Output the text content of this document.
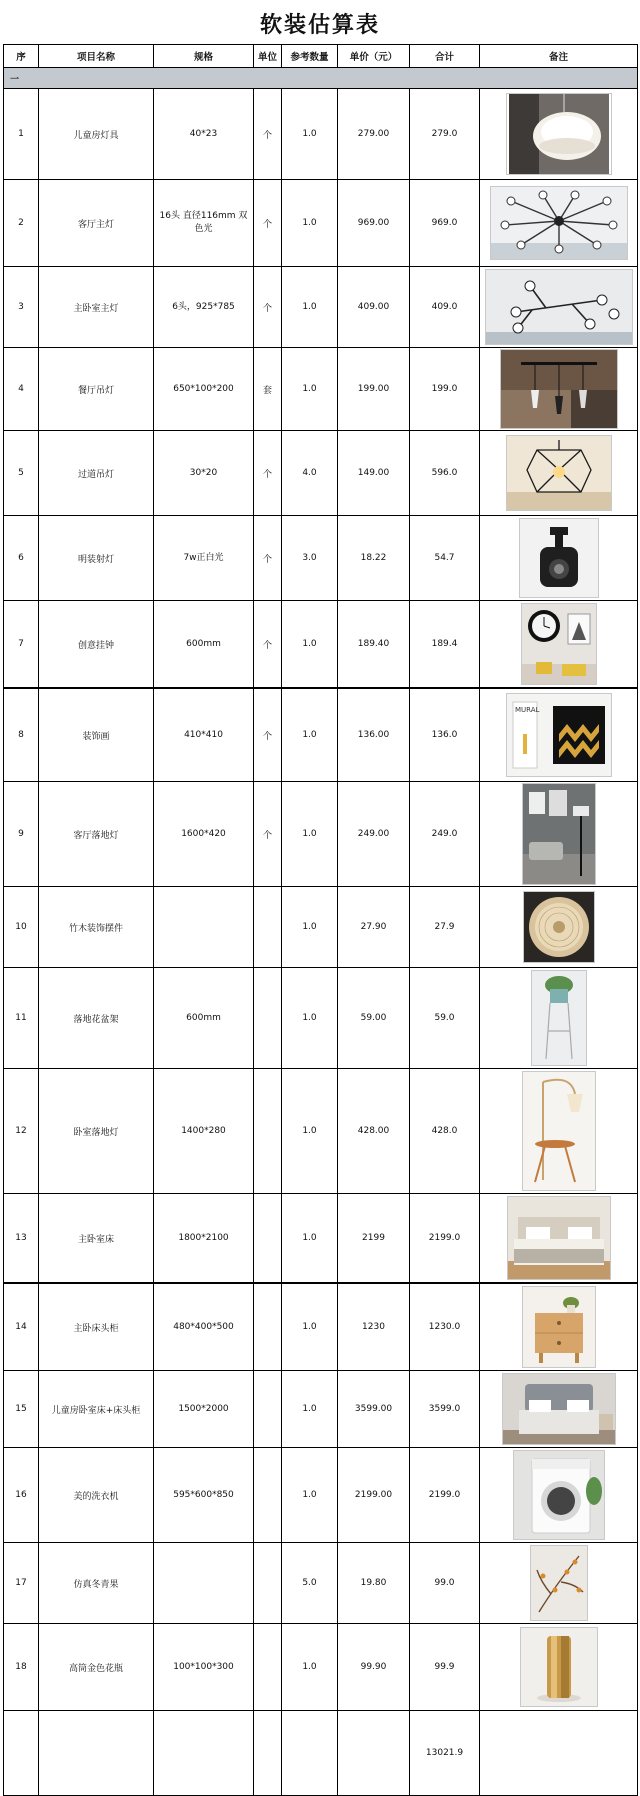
软装估算表
序	项目名称	规格	单位	参考数量	单价（元）	合计	备注
一							
1	儿童房灯具	40*23	个	1.0	279.00	279.0	

2	客厅主灯	16头 直径116mm 双色光	个	1.0	969.00	969.0	

3	主卧室主灯	6头，925*785	个	1.0	409.00	409.0	

4	餐厅吊灯	650*100*200	套	1.0	199.00	199.0	

5	过道吊灯	30*20	个	4.0	149.00	596.0	

6	明装射灯	7w正白光	个	3.0	18.22	54.7	

7	创意挂钟	600mm	个	1.0	189.40	189.4	

8	装饰画	410*410	个	1.0	136.00	136.0	MURAL

9	客厅落地灯	1600*420	个	1.0	249.00	249.0	

10	竹木装饰摆件			1.0	27.90	27.9	

11	落地花盆架	600mm		1.0	59.00	59.0	

12	卧室落地灯	1400*280		1.0	428.00	428.0	

13	主卧室床	1800*2100		1.0	2199	2199.0	

14	主卧床头柜	480*400*500		1.0	1230	1230.0	

15	儿童房卧室床+床头柜	1500*2000		1.0	3599.00	3599.0	

16	美的洗衣机	595*600*850		1.0	2199.00	2199.0	

17	仿真冬青果			5.0	19.80	99.0	

18	高筒金色花瓶	100*100*300		1.0	99.90	99.9	

						13021.9	
